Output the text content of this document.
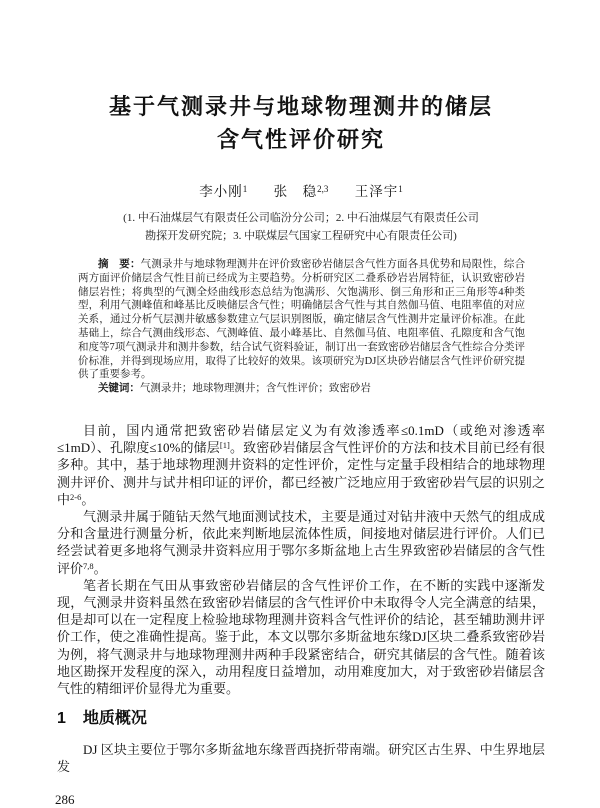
基于气测录井与地球物理测井的储层
含气性评价研究
李小刚$^1$ 张　稳$^{2,3}$ 王泽宇$^1$
(1. 中石油煤层气有限责任公司临汾分公司；2. 中石油煤层气有限责任公司
勘探开发研究院；3. 中联煤层气国家工程研究中心有限责任公司)

摘　要：气测录井与地球物理测井在评价致密砂岩储层含气性方面各具优势和局限性，综合两方面评价储层含气性目前已经成为主要趋势。分析研究区二叠系砂岩岩屑特征，认识致密砂岩储层岩性；将典型的气测全烃曲线形态总结为饱满形、欠饱满形、倒三角形和正三角形等4种类型，利用气测峰值和峰基比反映储层含气性；明确储层含气性与其自然伽马值、电阻率值的对应关系，通过分析气层测井敏感参数建立气层识别图版，确定储层含气性测井定量评价标准。在此基础上，综合气测曲线形态、气测峰值、最小峰基比、自然伽马值、电阻率值、孔隙度和含气饱和度等7项气测录井和测井参数，结合试气资料验证，制订出一套致密砂岩储层含气性综合分类评价标准，并得到现场应用，取得了比较好的效果。该项研究为DJ区块砂岩储层含气性评价研究提供了重要参考。

关键词：气测录井；地球物理测井；含气性评价；致密砂岩

目前，国内通常把致密砂岩储层定义为有效渗透率≤0.1mD（或绝对渗透率≤1mD）、孔隙度≤10%的储层[1]。致密砂岩储层含气性评价的方法和技术目前已经有很多种。其中，基于地球物理测井资料的定性评价，定性与定量手段相结合的地球物理测井评价、测井与试井相印证的评价，都已经被广泛地应用于致密砂岩气层的识别之中$^{2-6}$。

气测录井属于随钻天然气地面测试技术，主要是通过对钻井液中天然气的组成成分和含量进行测量分析，依此来判断地层流体性质，间接地对储层进行评价。人们已经尝试着更多地将气测录井资料应用于鄂尔多斯盆地上古生界致密砂岩储层的含气性评价$^{7,8}$。

笔者长期在气田从事致密砂岩储层的含气性评价工作，在不断的实践中逐渐发现，气测录井资料虽然在致密砂岩储层的含气性评价中未取得令人完全满意的结果，但是却可以在一定程度上检验地球物理测井资料含气性评价的结论，甚至辅助测井评价工作，使之准确性提高。鉴于此，本文以鄂尔多斯盆地东缘DJ区块二叠系致密砂岩为例，将气测录井与地球物理测井两种手段紧密结合，研究其储层的含气性。随着该地区勘探开发程度的深入，动用程度日益增加，动用难度加大，对于致密砂岩储层含气性的精细评价显得尤为重要。

1 地质概况

DJ 区块主要位于鄂尔多斯盆地东缘晋西挠折带南端。研究区古生界、中生界地层发

286
